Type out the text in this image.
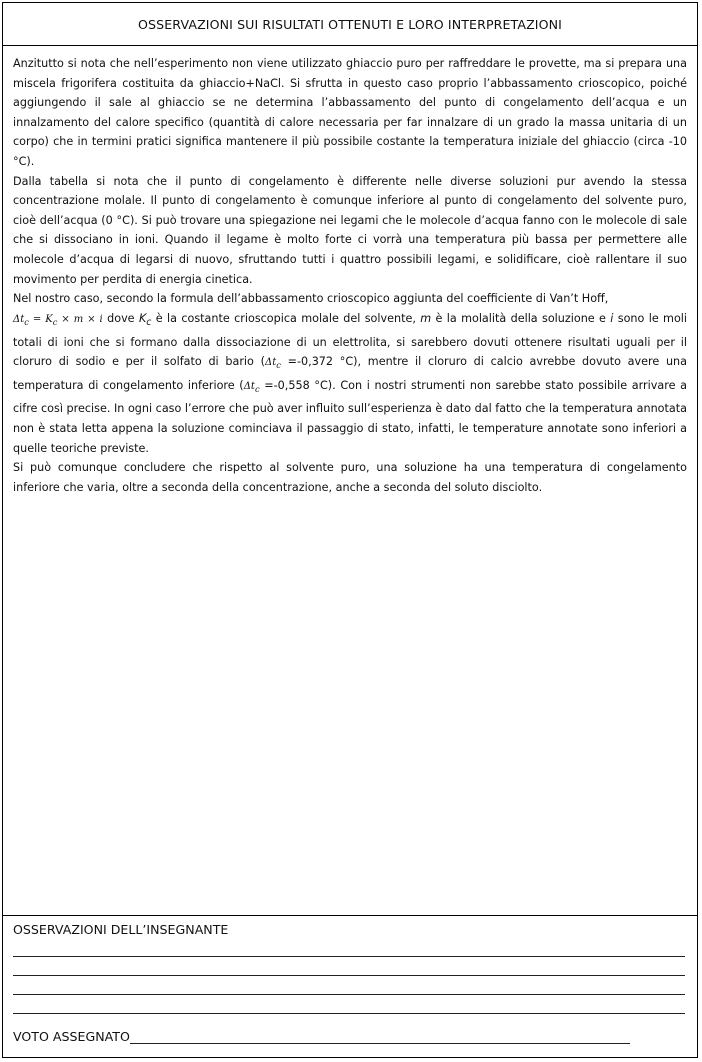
OSSERVAZIONI SUI RISULTATI OTTENUTI E LORO INTERPRETAZIONI

Anzitutto si nota che nell’esperimento non viene utilizzato ghiaccio puro per raffreddare le provette, ma si prepara una miscela frigorifera costituita da ghiaccio+NaCl. Si sfrutta in questo caso proprio l’abbassamento crioscopico, poiché aggiungendo il sale al ghiaccio se ne determina l’abbassamento del punto di congelamento dell’acqua e un innalzamento del calore specifico (quantità di calore necessaria per far innalzare di un grado la massa unitaria di un corpo) che in termini pratici significa mantenere il più possibile costante la temperatura iniziale del ghiaccio (circa -10 °C).

Dalla tabella si nota che il punto di congelamento è differente nelle diverse soluzioni pur avendo la stessa concentrazione molale. Il punto di congelamento è comunque inferiore al punto di congelamento del solvente puro, cioè dell’acqua (0 °C). Si può trovare una spiegazione nei legami che le molecole d’acqua fanno con le molecole di sale che si dissociano in ioni. Quando il legame è molto forte ci vorrà una temperatura più bassa per permettere alle molecole d’acqua di legarsi di nuovo, sfruttando tutti i quattro possibili legami, e solidificare, cioè rallentare il suo movimento per perdita di energia cinetica.

Nel nostro caso, secondo la formula dell’abbassamento crioscopico aggiunta del coefficiente di Van’t Hoff,
$\Delta t_c = K_c \times m \times i$ dove $K_c$ è la costante crioscopica molale del solvente, m è la molalità della soluzione e i sono le moli totali di ioni che si formano dalla dissociazione di un elettrolita, si sarebbero dovuti ottenere risultati uguali per il cloruro di sodio e per il solfato di bario ($\Delta t_c =-0,372$ °C), mentre il cloruro di calcio avrebbe dovuto avere una temperatura di congelamento inferiore ($\Delta t_c =-0,558$ °C). Con i nostri strumenti non sarebbe stato possibile arrivare a cifre così precise. In ogni caso l’errore che può aver influito sull’esperienza è dato dal fatto che la temperatura annotata non è stata letta appena la soluzione cominciava il passaggio di stato, infatti, le temperature annotate sono inferiori a quelle teoriche previste.

Si può comunque concludere che rispetto al solvente puro, una soluzione ha una temperatura di congelamento inferiore che varia, oltre a seconda della concentrazione, anche a seconda del soluto disciolto.

OSSERVAZIONI DELL’INSEGNANTE
VOTO ASSEGNATO
